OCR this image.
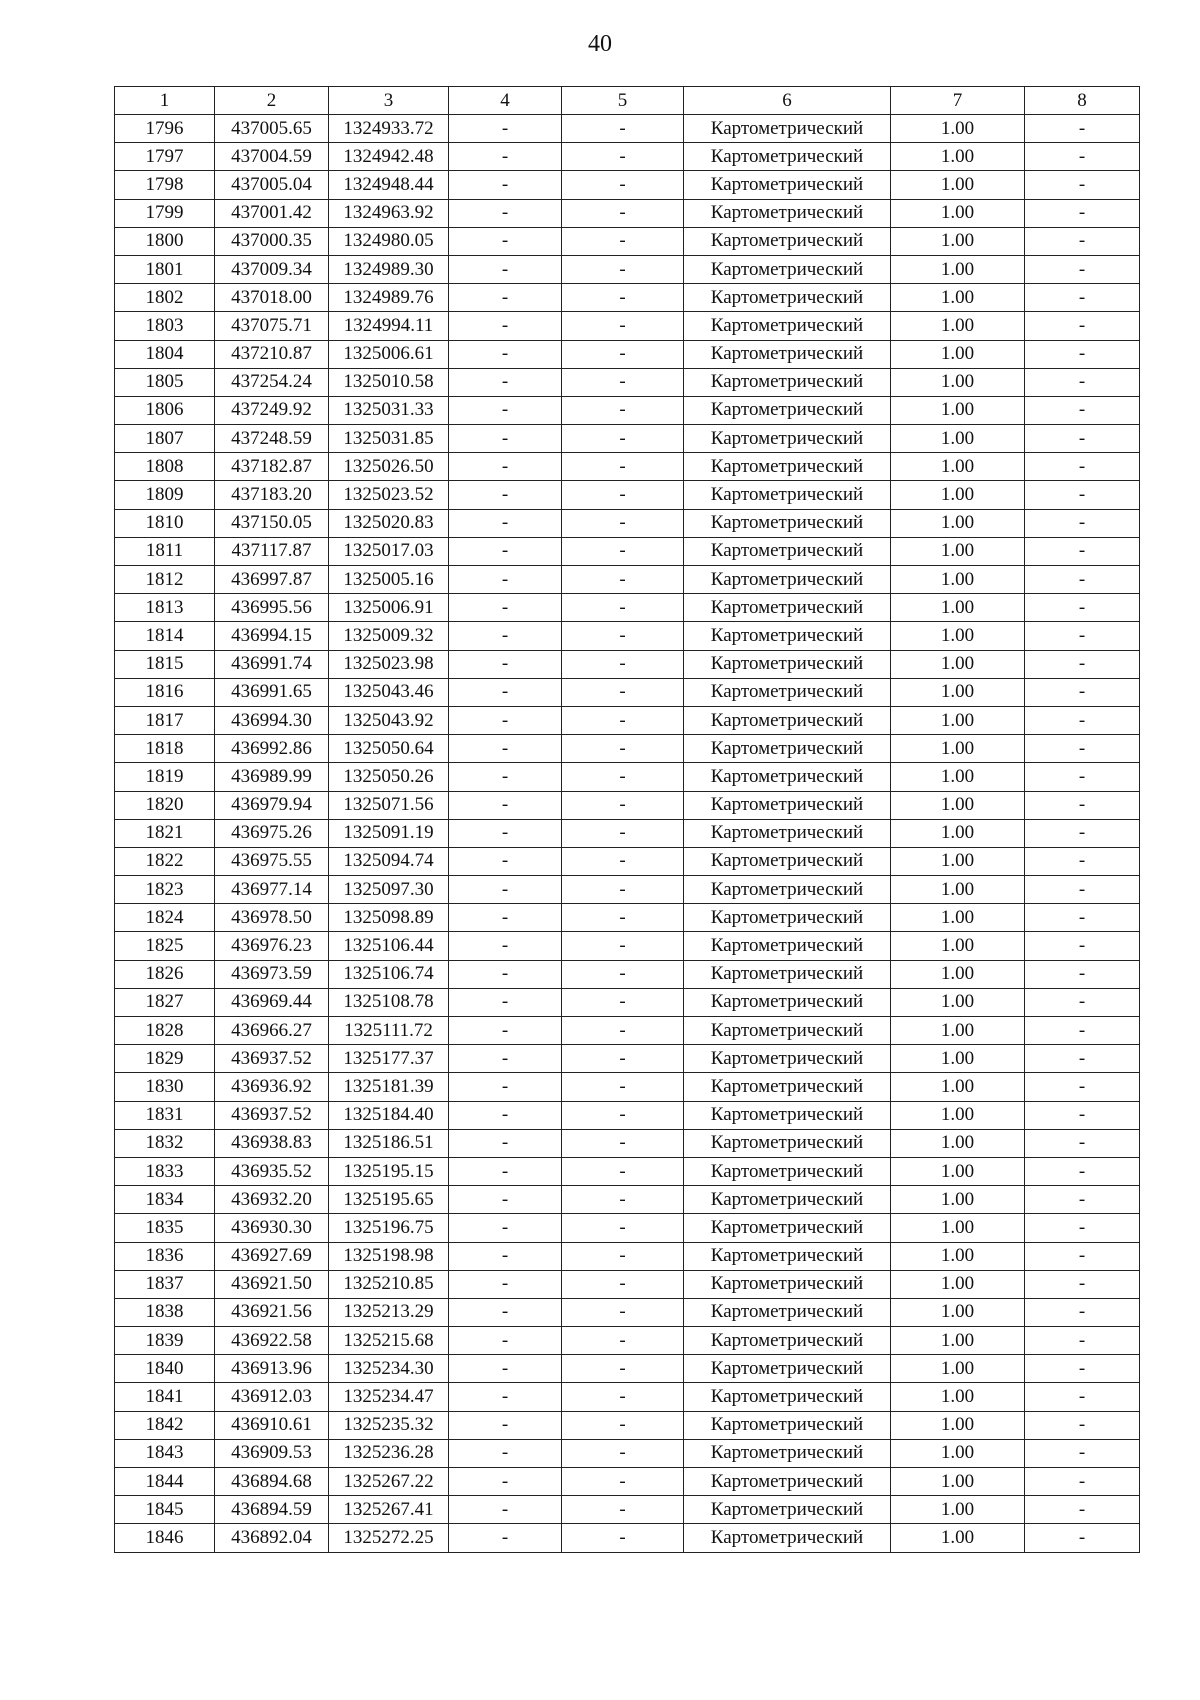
40
1	2	3	4	5	6	7	8
1796	437005.65	1324933.72	-	-	Картометрический	1.00	-
1797	437004.59	1324942.48	-	-	Картометрический	1.00	-
1798	437005.04	1324948.44	-	-	Картометрический	1.00	-
1799	437001.42	1324963.92	-	-	Картометрический	1.00	-
1800	437000.35	1324980.05	-	-	Картометрический	1.00	-
1801	437009.34	1324989.30	-	-	Картометрический	1.00	-
1802	437018.00	1324989.76	-	-	Картометрический	1.00	-
1803	437075.71	1324994.11	-	-	Картометрический	1.00	-
1804	437210.87	1325006.61	-	-	Картометрический	1.00	-
1805	437254.24	1325010.58	-	-	Картометрический	1.00	-
1806	437249.92	1325031.33	-	-	Картометрический	1.00	-
1807	437248.59	1325031.85	-	-	Картометрический	1.00	-
1808	437182.87	1325026.50	-	-	Картометрический	1.00	-
1809	437183.20	1325023.52	-	-	Картометрический	1.00	-
1810	437150.05	1325020.83	-	-	Картометрический	1.00	-
1811	437117.87	1325017.03	-	-	Картометрический	1.00	-
1812	436997.87	1325005.16	-	-	Картометрический	1.00	-
1813	436995.56	1325006.91	-	-	Картометрический	1.00	-
1814	436994.15	1325009.32	-	-	Картометрический	1.00	-
1815	436991.74	1325023.98	-	-	Картометрический	1.00	-
1816	436991.65	1325043.46	-	-	Картометрический	1.00	-
1817	436994.30	1325043.92	-	-	Картометрический	1.00	-
1818	436992.86	1325050.64	-	-	Картометрический	1.00	-
1819	436989.99	1325050.26	-	-	Картометрический	1.00	-
1820	436979.94	1325071.56	-	-	Картометрический	1.00	-
1821	436975.26	1325091.19	-	-	Картометрический	1.00	-
1822	436975.55	1325094.74	-	-	Картометрический	1.00	-
1823	436977.14	1325097.30	-	-	Картометрический	1.00	-
1824	436978.50	1325098.89	-	-	Картометрический	1.00	-
1825	436976.23	1325106.44	-	-	Картометрический	1.00	-
1826	436973.59	1325106.74	-	-	Картометрический	1.00	-
1827	436969.44	1325108.78	-	-	Картометрический	1.00	-
1828	436966.27	1325111.72	-	-	Картометрический	1.00	-
1829	436937.52	1325177.37	-	-	Картометрический	1.00	-
1830	436936.92	1325181.39	-	-	Картометрический	1.00	-
1831	436937.52	1325184.40	-	-	Картометрический	1.00	-
1832	436938.83	1325186.51	-	-	Картометрический	1.00	-
1833	436935.52	1325195.15	-	-	Картометрический	1.00	-
1834	436932.20	1325195.65	-	-	Картометрический	1.00	-
1835	436930.30	1325196.75	-	-	Картометрический	1.00	-
1836	436927.69	1325198.98	-	-	Картометрический	1.00	-
1837	436921.50	1325210.85	-	-	Картометрический	1.00	-
1838	436921.56	1325213.29	-	-	Картометрический	1.00	-
1839	436922.58	1325215.68	-	-	Картометрический	1.00	-
1840	436913.96	1325234.30	-	-	Картометрический	1.00	-
1841	436912.03	1325234.47	-	-	Картометрический	1.00	-
1842	436910.61	1325235.32	-	-	Картометрический	1.00	-
1843	436909.53	1325236.28	-	-	Картометрический	1.00	-
1844	436894.68	1325267.22	-	-	Картометрический	1.00	-
1845	436894.59	1325267.41	-	-	Картометрический	1.00	-
1846	436892.04	1325272.25	-	-	Картометрический	1.00	-
